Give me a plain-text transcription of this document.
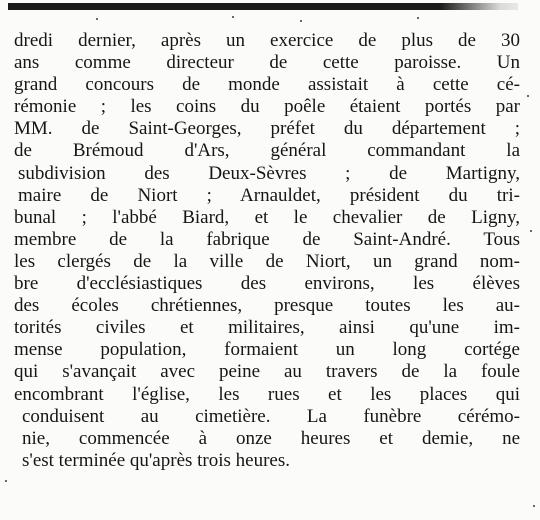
dredi dernier, après un exercice de plus de 30
ans comme directeur de cette paroisse. Un
grand concours de monde assistait à cette cé-
rémonie ; les coins du poêle étaient portés par
MM. de Saint-Georges, préfet du département ;
de Brémoud d'Ars, général commandant la
subdivision des Deux-Sèvres ; de Martigny,
maire de Niort ; Arnauldet, président du tri-
bunal ; l'abbé Biard, et le chevalier de Ligny,
membre de la fabrique de Saint-André. Tous
les clergés de la ville de Niort, un grand nom-
bre d'ecclésiastiques des environs, les élèves
des écoles chrétiennes, presque toutes les au-
torités civiles et militaires, ainsi qu'une im-
mense population, formaient un long cortége
qui s'avançait avec peine au travers de la foule
encombrant l'église, les rues et les places qui
conduisent au cimetière. La funèbre cérémo-
nie, commencée à onze heures et demie, ne
s'est terminée qu'après trois heures.
